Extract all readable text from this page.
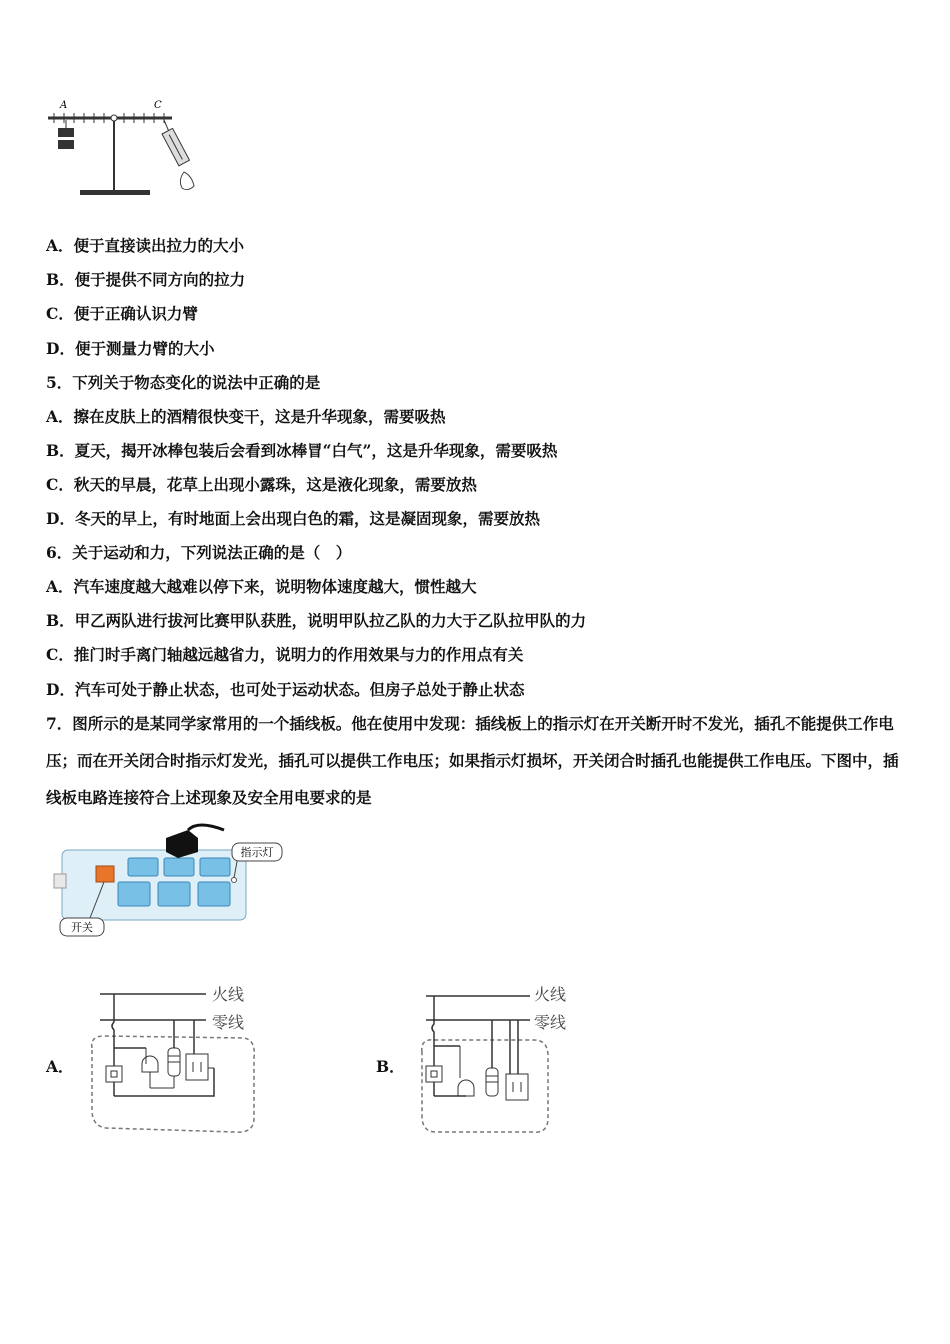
A	C
A．便于直接读出拉力的大小
B．便于提供不同方向的拉力
C．便于正确认识力臂
D．便于测量力臂的大小
5．下列关于物态变化的说法中正确的是
A．擦在皮肤上的酒精很快变干，这是升华现象，需要吸热
B．夏天，揭开冰棒包装后会看到冰棒冒“白气”，这是升华现象，需要吸热
C．秋天的早晨，花草上出现小露珠，这是液化现象，需要放热
D．冬天的早上，有时地面上会出现白色的霜，这是凝固现象，需要放热
6．关于运动和力，下列说法正确的是（　）
A．汽车速度越大越难以停下来，说明物体速度越大，惯性越大
B．甲乙两队进行拔河比赛甲队获胜，说明甲队拉乙队的力大于乙队拉甲队的力
C．推门时手离门轴越远越省力，说明力的作用效果与力的作用点有关
D．汽车可处于静止状态，也可处于运动状态。但房子总处于静止状态
7．图所示的是某同学家常用的一个插线板。他在使用中发现：插线板上的指示灯在开关断开时不发光，插孔不能提供工作电压；而在开关闭合时指示灯发光，插孔可以提供工作电压；如果指示灯损坏，开关闭合时插孔也能提供工作电压。下图中，插线板电路连接符合上述现象及安全用电要求的是
指示灯
开关
A．
火线
零线
B．
火线
零线
